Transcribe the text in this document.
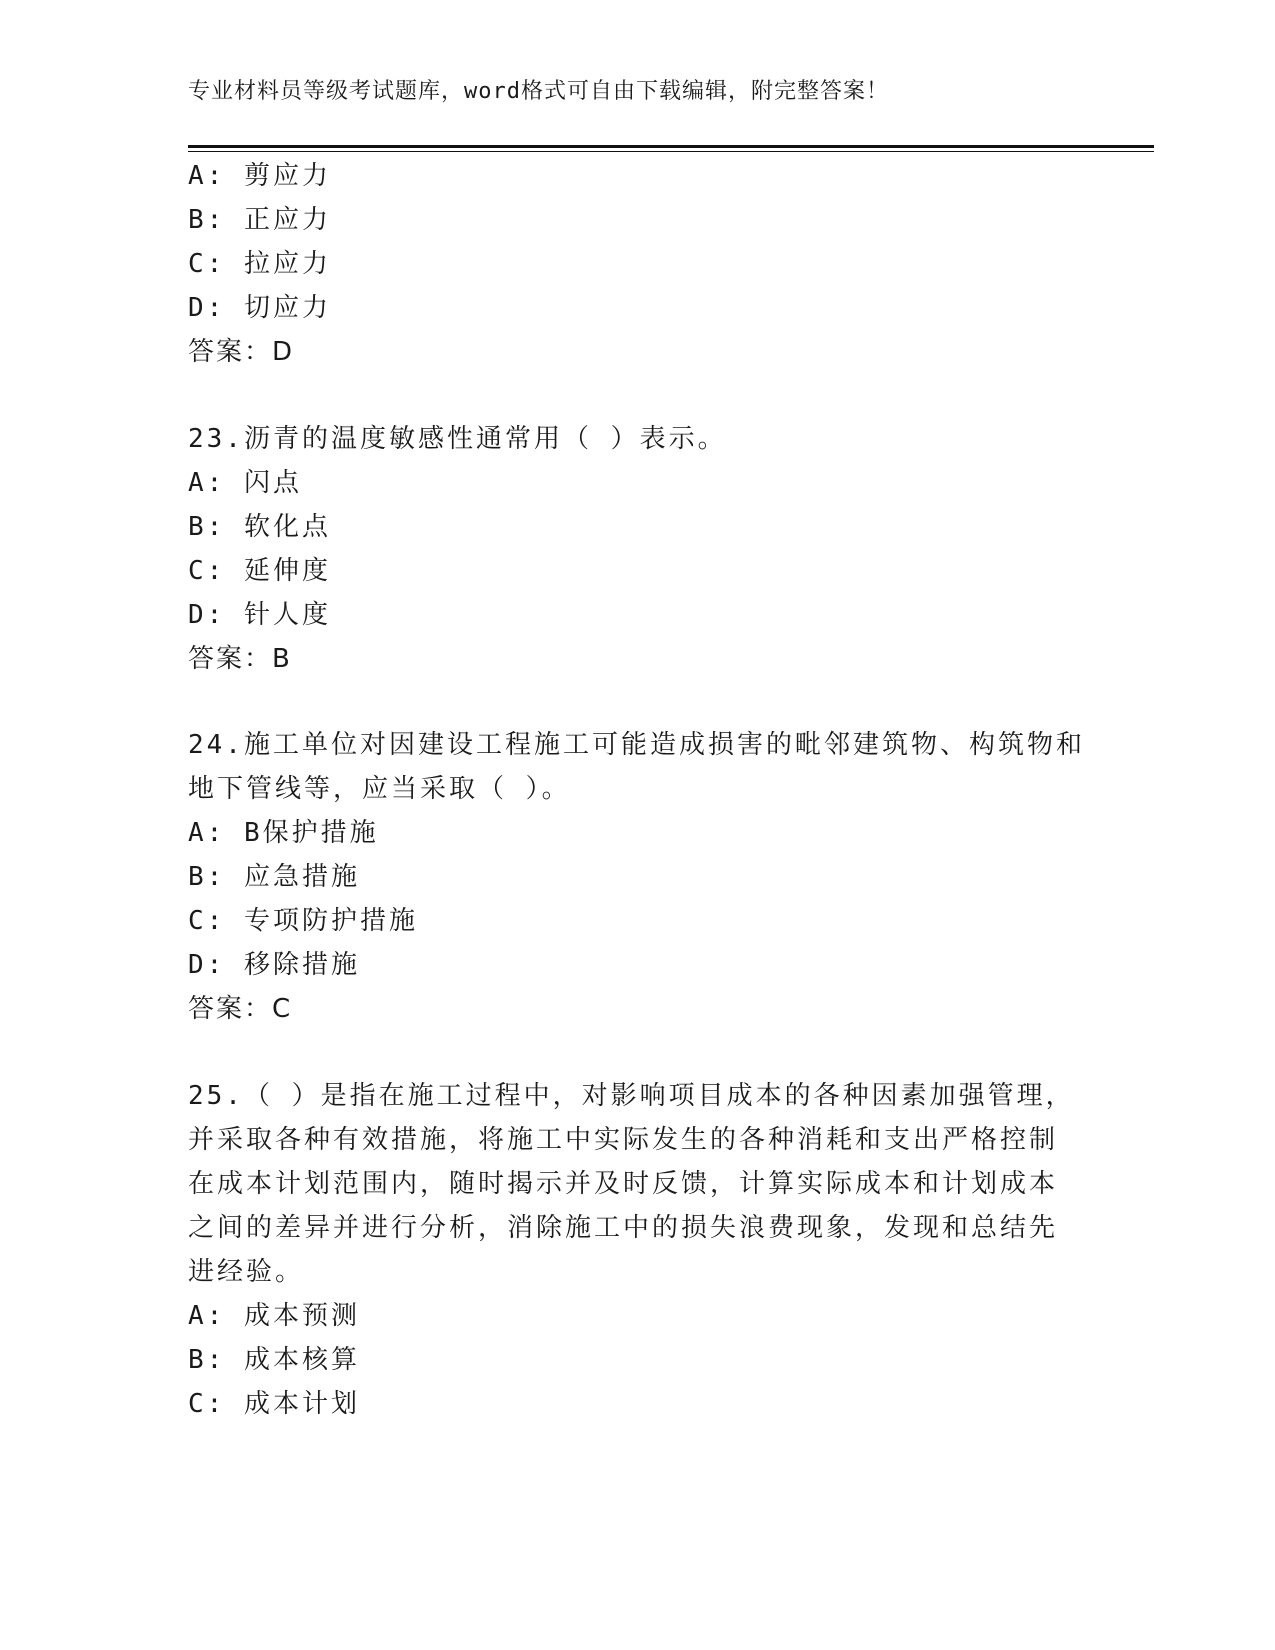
专业材料员等级考试题库，word格式可自由下载编辑，附完整答案！
A: 剪应力
B: 正应力
C: 拉应力
D: 切应力
答案：D
23.沥青的温度敏感性通常用（ ）表示。
A: 闪点
B: 软化点
C: 延伸度
D: 针人度
答案：B
24.施工单位对因建设工程施工可能造成损害的毗邻建筑物、构筑物和
地下管线等，应当采取（ ）。
A: B保护措施
B: 应急措施
C: 专项防护措施
D: 移除措施
答案：C
25.（ ）是指在施工过程中，对影响项目成本的各种因素加强管理，
并采取各种有效措施，将施工中实际发生的各种消耗和支出严格控制
在成本计划范围内，随时揭示并及时反馈，计算实际成本和计划成本
之间的差异并进行分析，消除施工中的损失浪费现象，发现和总结先
进经验。
A: 成本预测
B: 成本核算
C: 成本计划
